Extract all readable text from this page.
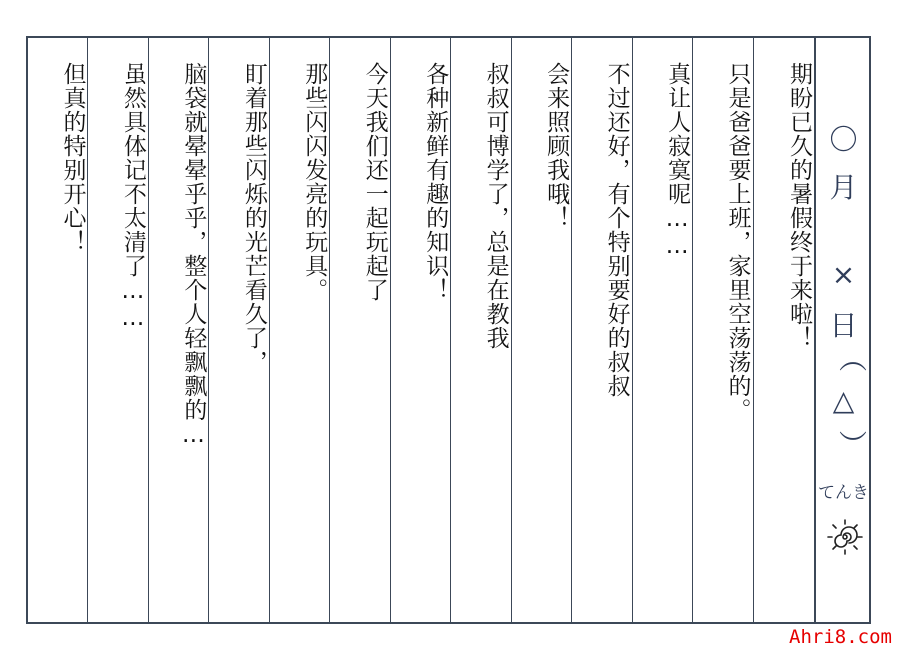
但真的特别开心！	虽然具体记不太清了……	脑袋就晕晕乎乎，整个人轻飘飘的…	盯着那些闪烁的光芒看久了，	那些闪闪发亮的玩具。	今天我们还一起玩起了	各种新鲜有趣的知识！	叔叔可博学了，总是在教我	会来照顾我哦！	不过还好，有个特别要好的叔叔	真让人寂寞呢……	只是爸爸要上班，家里空荡荡的。	期盼已久的暑假终于来啦！ 〇
月
×
日
（
△
）
てんき
Ahri8.com
